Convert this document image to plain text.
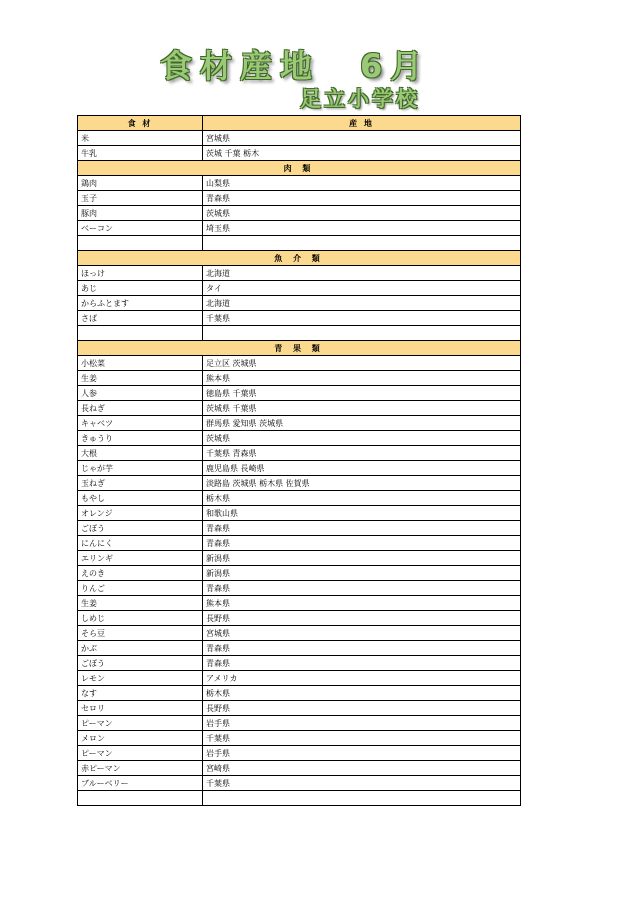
食材産地　6月
足立小学校
食 材	産 地
米	宮城県
牛乳	茨城 千葉 栃木
肉 類	
鶏肉	山梨県
玉子	青森県
豚肉	茨城県
ベーコン	埼玉県

魚 介 類	
ほっけ	北海道
あじ	タイ
からふとます	北海道
さば	千葉県

青 果 類	
小松菜	足立区 茨城県
生姜	熊本県
人参	徳島県 千葉県
長ねぎ	茨城県 千葉県
キャベツ	群馬県 愛知県 茨城県
きゅうり	茨城県
大根	千葉県 青森県
じゃが芋	鹿児島県 長崎県
玉ねぎ	淡路島 茨城県 栃木県 佐賀県
もやし	栃木県
オレンジ	和歌山県
ごぼう	青森県
にんにく	青森県
エリンギ	新潟県
えのき	新潟県
りんご	青森県
生姜	熊本県
しめじ	長野県
そら豆	宮城県
かぶ	青森県
ごぼう	青森県
レモン	アメリカ
なす	栃木県
セロリ	長野県
ピーマン	岩手県
メロン	千葉県
ピーマン	岩手県
赤ピーマン	宮崎県
ブルーベリー	千葉県
